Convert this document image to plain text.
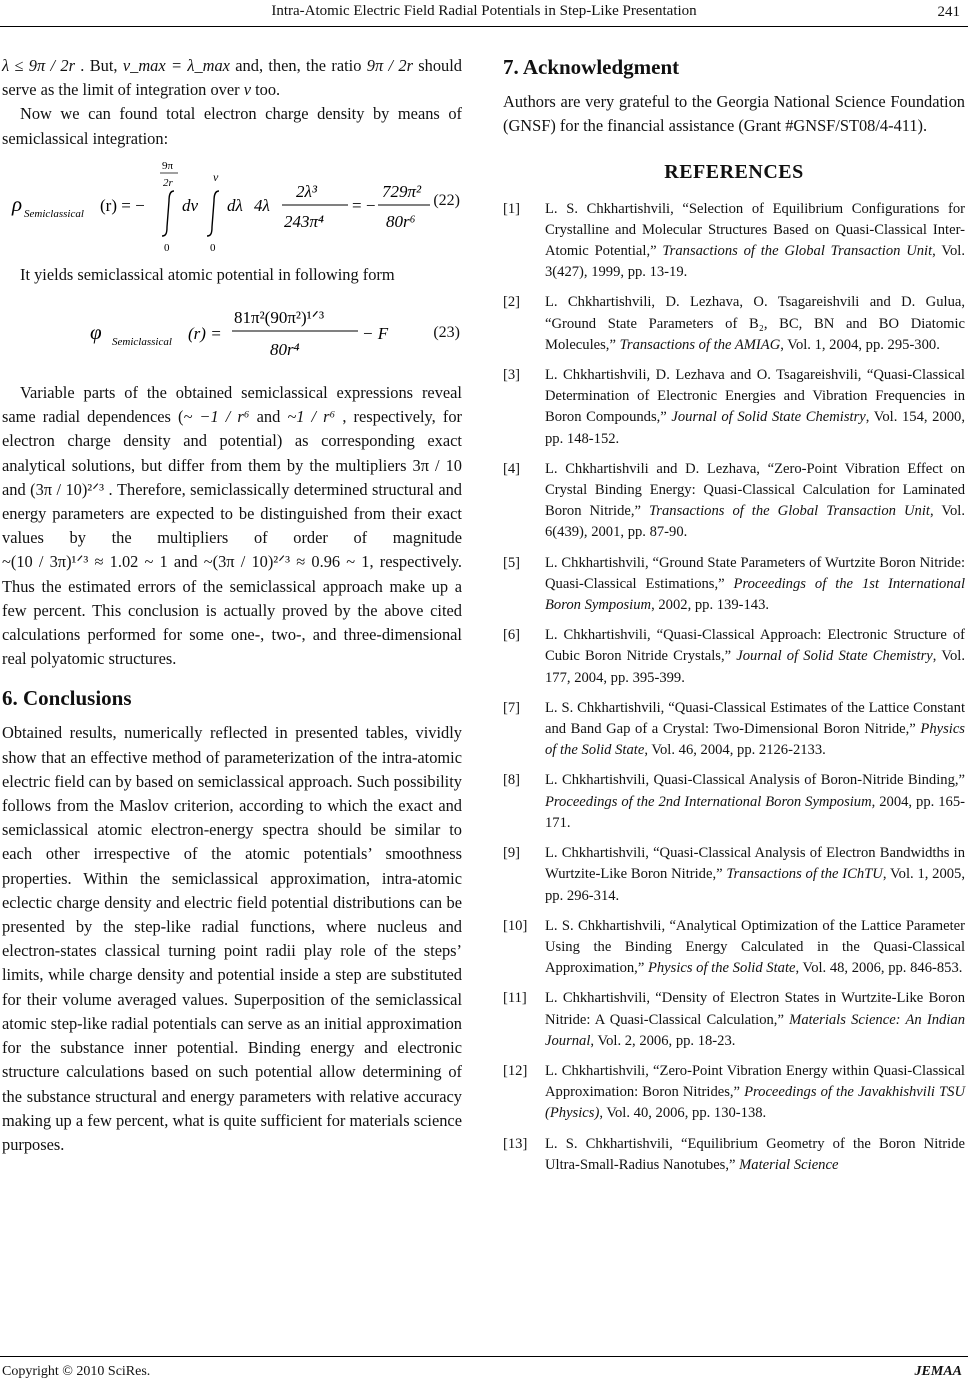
Intra-Atomic Electric Field Radial Potentials in Step-Like Presentation	241

λ ≤ 9π / 2r . But, ν_max = λ_max and, then, the ratio 9π / 2r should serve as the limit of integration over ν too.

Now we can found total electron charge density by means of semiclassical integration:

ρ Semiclassical (r) = −
9π
2r
0
dν
ν
0
dλ 4λ
2λ³
243π⁴
= −
729π²
80r⁶
(22)

It yields semiclassical atomic potential in following form

φ Semiclassical (r) =
81π²(90π²)¹ᐟ³
80r⁴
− F	(23)

Variable parts of the obtained semiclassical expressions reveal same radial dependences (~ −1 / r⁶ and ~1 / r⁶ , respectively, for electron charge density and potential) as corresponding exact analytical solutions, but differ from them by the multipliers 3π / 10 and (3π / 10)²ᐟ³ . Therefore, semiclassically determined structural and energy parameters are expected to be distinguished from their exact values by the multipliers of order of magnitude ~(10 / 3π)¹ᐟ³ ≈ 1.02 ~ 1 and ~(3π / 10)²ᐟ³ ≈ 0.96 ~ 1, respectively. Thus the estimated errors of the semiclassical approach make up a few percent. This conclusion is actually proved by the above cited calculations performed for some one-, two-, and three-dimensional real polyatomic structures.

6. Conclusions

Obtained results, numerically reflected in presented tables, vividly show that an effective method of parameterization of the intra-atomic electric field can by based on semiclassical approach. Such possibility follows from the Maslov criterion, according to which the exact and semiclassical atomic electron-energy spectra should be similar to each other irrespective of the atomic potentials’ smoothness properties. Within the semiclassical approximation, intra-atomic eclectic charge density and electric field potential distributions can be presented by the step-like radial functions, where nucleus and electron-states classical turning point radii play role of the steps’ limits, while charge density and potential inside a step are substituted for their volume averaged values. Superposition of the semiclassical atomic step-like radial potentials can serve as an initial approximation for the substance inner potential. Binding energy and electronic structure calculations based on such potential allow determining of the substance structural and energy parameters with relative accuracy making up a few percent, what is quite sufficient for materials science purposes.

7. Acknowledgment

Authors are very grateful to the Georgia National Science Foundation (GNSF) for the financial assistance (Grant #GNSF/ST08/4-411).

REFERENCES
[1] L. S. Chkhartishvili, “Selection of Equilibrium Configurations for Crystalline and Molecular Structures Based on Quasi-Classical Inter-Atomic Potential,” Transactions of the Global Transaction Unit, Vol. 3(427), 1999, pp. 13-19.
[2] L. Chkhartishvili, D. Lezhava, O. Tsagareishvili and D. Gulua, “Ground State Parameters of B₂, BC, BN and BO Diatomic Molecules,” Transactions of the AMIAG, Vol. 1, 2004, pp. 295-300.
[3] L. Chkhartishvili, D. Lezhava and O. Tsagareishvili, “Quasi-Classical Determination of Electronic Energies and Vibration Frequencies in Boron Compounds,” Journal of Solid State Chemistry, Vol. 154, 2000, pp. 148-152.
[4] L. Chkhartishvili and D. Lezhava, “Zero-Point Vibration Effect on Crystal Binding Energy: Quasi-Classical Calculation for Laminated Boron Nitride,” Transactions of the Global Transaction Unit, Vol. 6(439), 2001, pp. 87-90.
[5] L. Chkhartishvili, “Ground State Parameters of Wurtzite Boron Nitride: Quasi-Classical Estimations,” Proceedings of the 1st International Boron Symposium, 2002, pp. 139-143.
[6] L. Chkhartishvili, “Quasi-Classical Approach: Electronic Structure of Cubic Boron Nitride Crystals,” Journal of Solid State Chemistry, Vol. 177, 2004, pp. 395-399.
[7] L. S. Chkhartishvili, “Quasi-Classical Estimates of the Lattice Constant and Band Gap of a Crystal: Two-Dimensional Boron Nitride,” Physics of the Solid State, Vol. 46, 2004, pp. 2126-2133.
[8] L. Chkhartishvili, Quasi-Classical Analysis of Boron-Nitride Binding,” Proceedings of the 2nd International Boron Symposium, 2004, pp. 165-171.
[9] L. Chkhartishvili, “Quasi-Classical Analysis of Electron Bandwidths in Wurtzite-Like Boron Nitride,” Transactions of the IChTU, Vol. 1, 2005, pp. 296-314.
[10] L. S. Chkhartishvili, “Analytical Optimization of the Lattice Parameter Using the Binding Energy Calculated in the Quasi-Classical Approximation,” Physics of the Solid State, Vol. 48, 2006, pp. 846-853.
[11] L. Chkhartishvili, “Density of Electron States in Wurtzite-Like Boron Nitride: A Quasi-Classical Calculation,” Materials Science: An Indian Journal, Vol. 2, 2006, pp. 18-23.
[12] L. Chkhartishvili, “Zero-Point Vibration Energy within Quasi-Classical Approximation: Boron Nitrides,” Proceedings of the Javakhishvili TSU (Physics), Vol. 40, 2006, pp. 130-138.
[13] L. S. Chkhartishvili, “Equilibrium Geometry of the Boron Nitride Ultra-Small-Radius Nanotubes,” Material Science
Copyright © 2010 SciRes.	JEMAA
